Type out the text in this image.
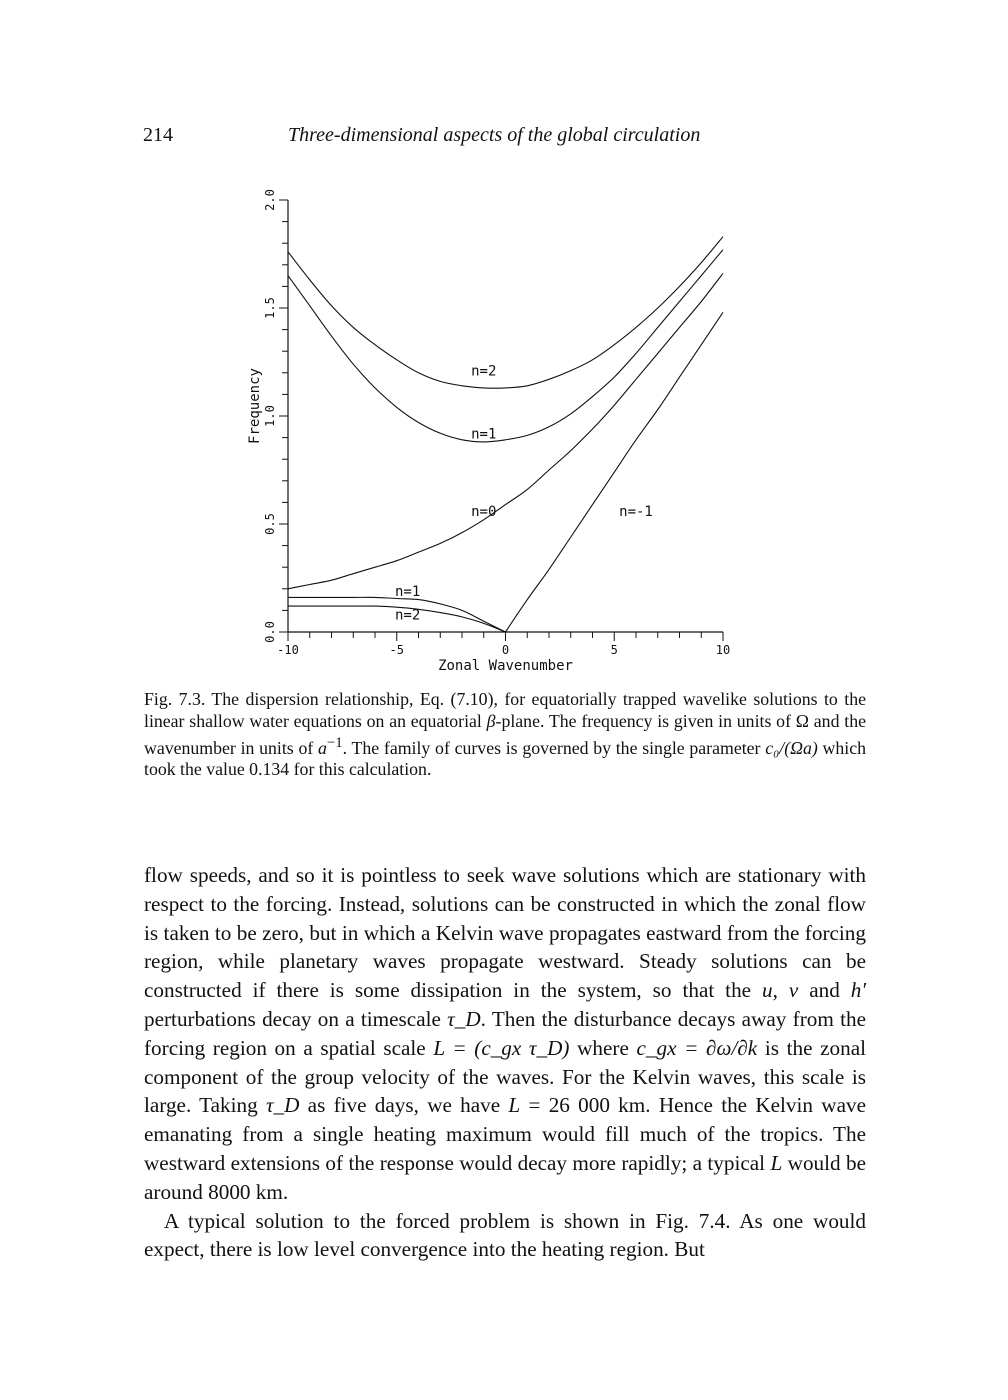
214	Three-dimensional aspects of the global circulation
-10	-5	0	5	10
0.0
0.5
1.0
1.5
2.0
Zonal Wavenumber
Frequency	n=2
n=1
n=0
n=1
n=2
n=-1

Fig. 7.3. The dispersion relationship, Eq. (7.10), for equatorially trapped wavelike solutions to the linear shallow water equations on an equatorial β-plane. The frequency is given in units of Ω and the wavenumber in units of $a^{-1}$. The family of curves is governed by the single parameter c₀/(Ωa) which took the value 0.134 for this calculation.

flow speeds, and so it is pointless to seek wave solutions which are stationary with respect to the forcing. Instead, solutions can be constructed in which the zonal flow is taken to be zero, but in which a Kelvin wave propagates eastward from the forcing region, while planetary waves propagate westward. Steady solutions can be constructed if there is some dissipation in the system, so that the u, v and h′ perturbations decay on a timescale τ_D. Then the disturbance decays away from the forcing region on a spatial scale L = (c_gx τ_D) where c_gx = ∂ω/∂k is the zonal component of the group velocity of the waves. For the Kelvin waves, this scale is large. Taking τ_D as five days, we have L = 26 000 km. Hence the Kelvin wave emanating from a single heating maximum would fill much of the tropics. The westward extensions of the response would decay more rapidly; a typical L would be around 8000 km.

A typical solution to the forced problem is shown in Fig. 7.4. As one would expect, there is low level convergence into the heating region. But
